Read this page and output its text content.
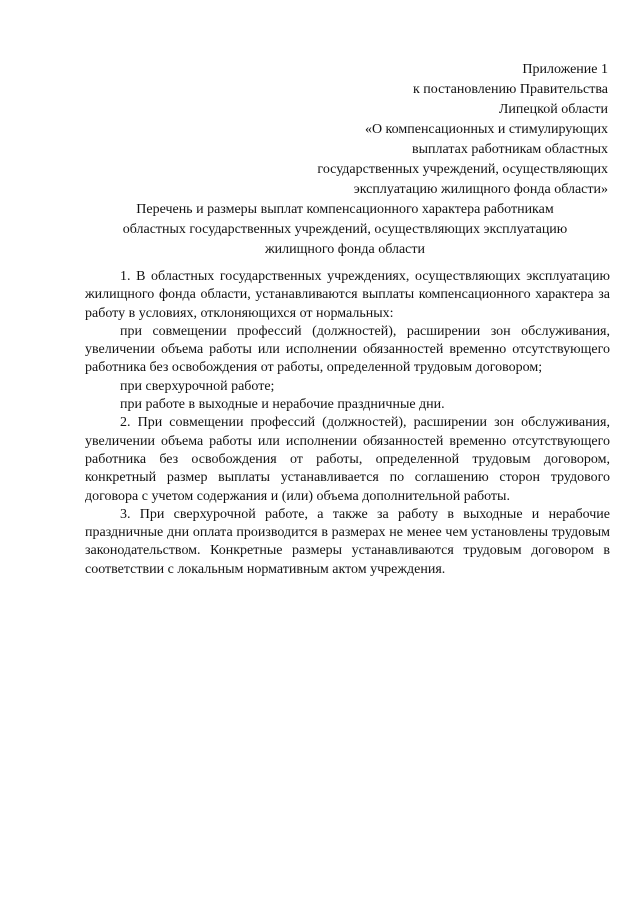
Приложение 1
к постановлению Правительства
Липецкой области
«О компенсационных и стимулирующих
выплатах работникам областных
государственных учреждений, осуществляющих
эксплуатацию жилищного фонда области»
Перечень и размеры выплат компенсационного характера работникам
областных государственных учреждений, осуществляющих эксплуатацию
жилищного фонда области

1. В областных государственных учреждениях, осуществляющих эксплуатацию жилищного фонда области, устанавливаются выплаты компенсационного характера за работу в условиях, отклоняющихся от нормальных:

при совмещении профессий (должностей), расширении зон обслуживания, увеличении объема работы или исполнении обязанностей временно отсутствующего работника без освобождения от работы, определенной трудовым договором;

при сверхурочной работе;

при работе в выходные и нерабочие праздничные дни.

2. При совмещении профессий (должностей), расширении зон обслуживания, увеличении объема работы или исполнении обязанностей временно отсутствующего работника без освобождения от работы, определенной трудовым договором, конкретный размер выплаты устанавливается по соглашению сторон трудового договора с учетом содержания и (или) объема дополнительной работы.

3. При сверхурочной работе, а также за работу в выходные и нерабочие праздничные дни оплата производится в размерах не менее чем установлены трудовым законодательством. Конкретные размеры устанавливаются трудовым договором в соответствии с локальным нормативным актом учреждения.
